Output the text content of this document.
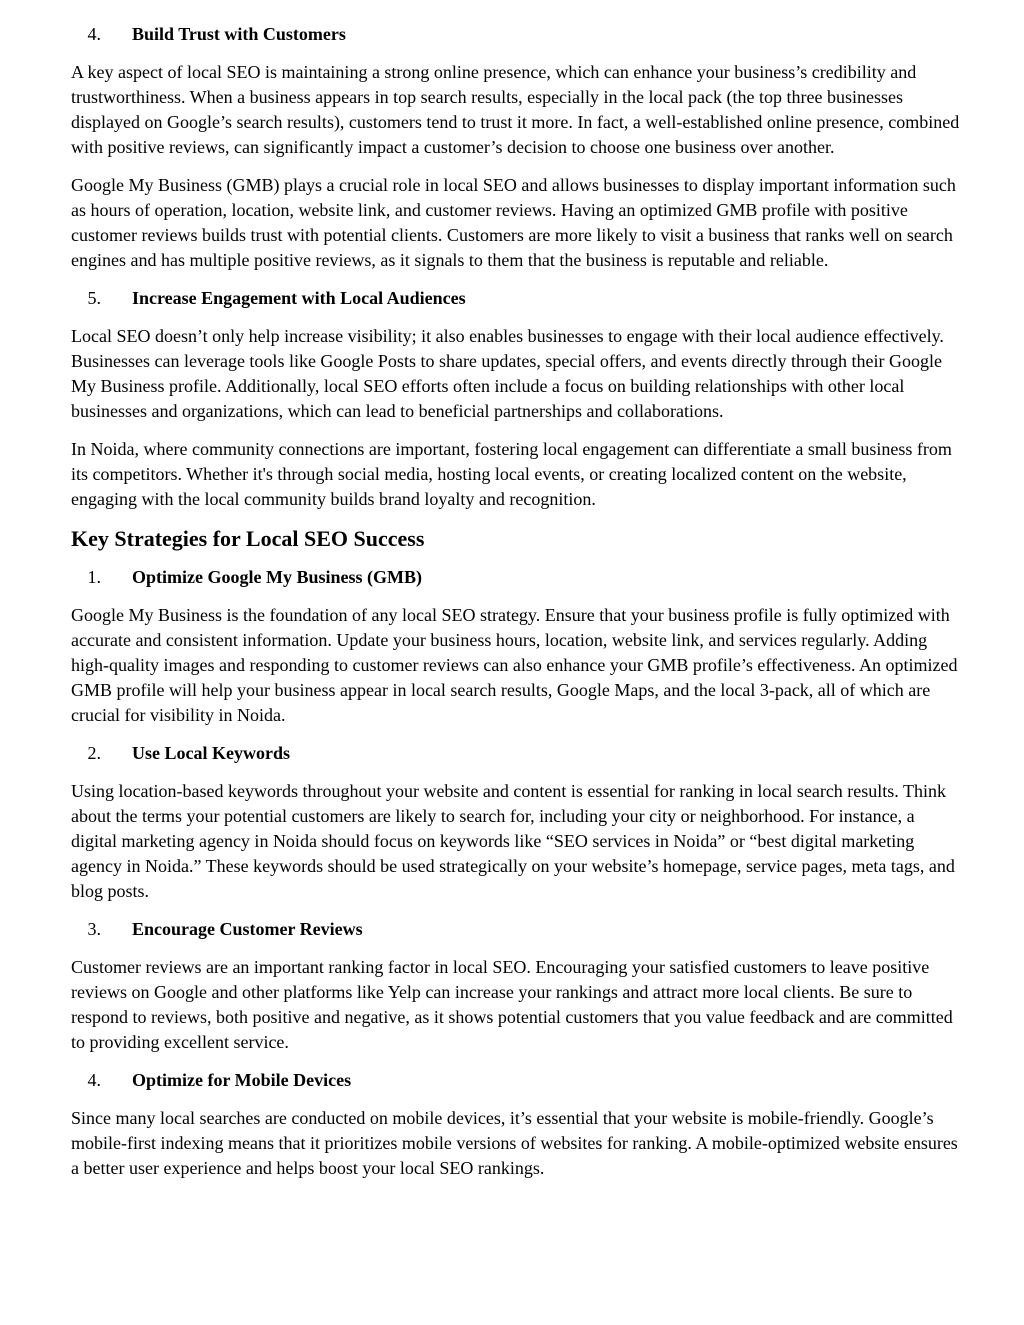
4.	Build Trust with Customers

A key aspect of local SEO is maintaining a strong online presence, which can enhance your business’s credibility and trustworthiness. When a business appears in top search results, especially in the local pack (the top three businesses displayed on Google’s search results), customers tend to trust it more. In fact, a well-established online presence, combined with positive reviews, can significantly impact a customer’s decision to choose one business over another.

Google My Business (GMB) plays a crucial role in local SEO and allows businesses to display important information such as hours of operation, location, website link, and customer reviews. Having an optimized GMB profile with positive customer reviews builds trust with potential clients. Customers are more likely to visit a business that ranks well on search engines and has multiple positive reviews, as it signals to them that the business is reputable and reliable.

5.	Increase Engagement with Local Audiences

Local SEO doesn’t only help increase visibility; it also enables businesses to engage with their local audience effectively. Businesses can leverage tools like Google Posts to share updates, special offers, and events directly through their Google My Business profile. Additionally, local SEO efforts often include a focus on building relationships with other local businesses and organizations, which can lead to beneficial partnerships and collaborations.

In Noida, where community connections are important, fostering local engagement can differentiate a small business from its competitors. Whether it's through social media, hosting local events, or creating localized content on the website, engaging with the local community builds brand loyalty and recognition.

Key Strategies for Local SEO Success
1.	Optimize Google My Business (GMB)

Google My Business is the foundation of any local SEO strategy. Ensure that your business profile is fully optimized with accurate and consistent information. Update your business hours, location, website link, and services regularly. Adding high-quality images and responding to customer reviews can also enhance your GMB profile’s effectiveness. An optimized GMB profile will help your business appear in local search results, Google Maps, and the local 3-pack, all of which are crucial for visibility in Noida.

2.	Use Local Keywords

Using location-based keywords throughout your website and content is essential for ranking in local search results. Think about the terms your potential customers are likely to search for, including your city or neighborhood. For instance, a digital marketing agency in Noida should focus on keywords like “SEO services in Noida” or “best digital marketing agency in Noida.” These keywords should be used strategically on your website’s homepage, service pages, meta tags, and blog posts.

3.	Encourage Customer Reviews

Customer reviews are an important ranking factor in local SEO. Encouraging your satisfied customers to leave positive reviews on Google and other platforms like Yelp can increase your rankings and attract more local clients. Be sure to respond to reviews, both positive and negative, as it shows potential customers that you value feedback and are committed to providing excellent service.

4.	Optimize for Mobile Devices

Since many local searches are conducted on mobile devices, it’s essential that your website is mobile-friendly. Google’s mobile-first indexing means that it prioritizes mobile versions of websites for ranking. A mobile-optimized website ensures a better user experience and helps boost your local SEO rankings.
